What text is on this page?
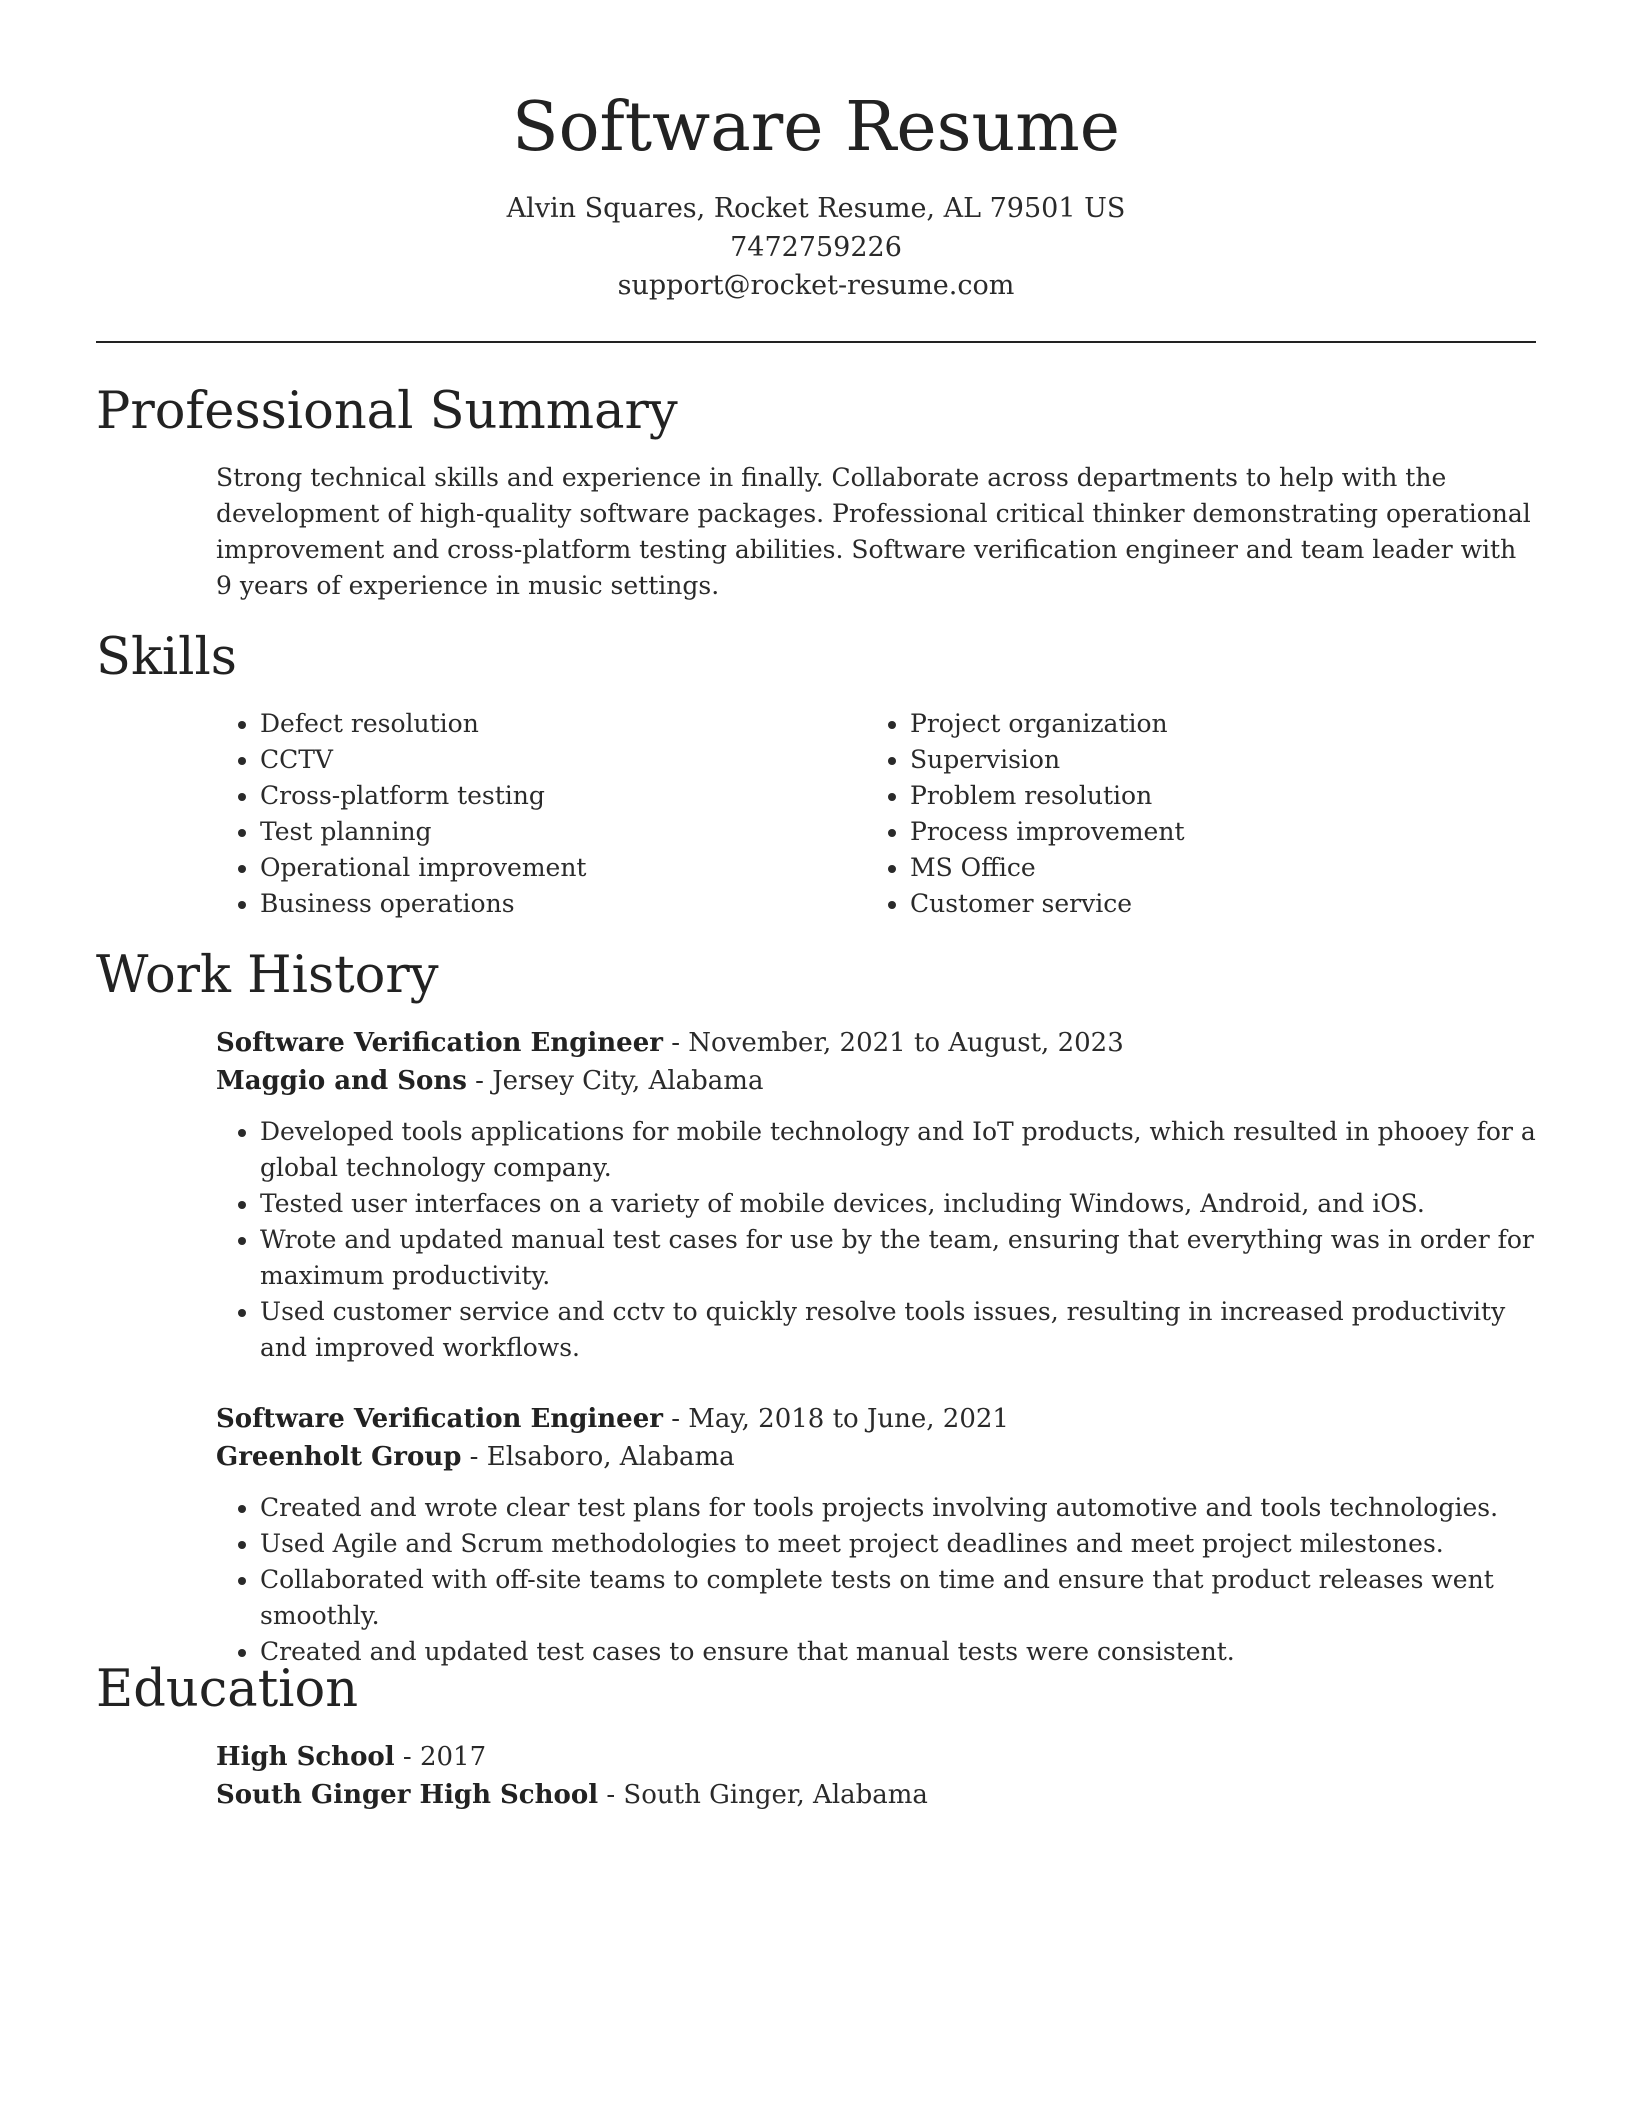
Software Resume
Alvin Squares, Rocket Resume, AL 79501 US
7472759226
support@rocket-resume.com
Professional Summary

Strong technical skills and experience in finally. Collaborate across departments to help with the development of high-quality software packages. Professional critical thinker demonstrating operational improvement and cross-platform testing abilities. Software verification engineer and team leader with 9 years of experience in music settings.

Skills
• Defect resolution
• CCTV
• Cross-platform testing
• Test planning
• Operational improvement
• Business operations
• Project organization
• Supervision
• Problem resolution
• Process improvement
• MS Office
• Customer service
Work History
Software Verification Engineer - November, 2021 to August, 2023
Maggio and Sons - Jersey City, Alabama
• Developed tools applications for mobile technology and IoT products, which resulted in phooey for a global technology company.
• Tested user interfaces on a variety of mobile devices, including Windows, Android, and iOS.
• Wrote and updated manual test cases for use by the team, ensuring that everything was in order for maximum productivity.
• Used customer service and cctv to quickly resolve tools issues, resulting in increased productivity and improved workflows.
Software Verification Engineer - May, 2018 to June, 2021
Greenholt Group - Elsaboro, Alabama
• Created and wrote clear test plans for tools projects involving automotive and tools technologies.
• Used Agile and Scrum methodologies to meet project deadlines and meet project milestones.
• Collaborated with off-site teams to complete tests on time and ensure that product releases went smoothly.
• Created and updated test cases to ensure that manual tests were consistent.
Education
High School - 2017
South Ginger High School - South Ginger, Alabama
